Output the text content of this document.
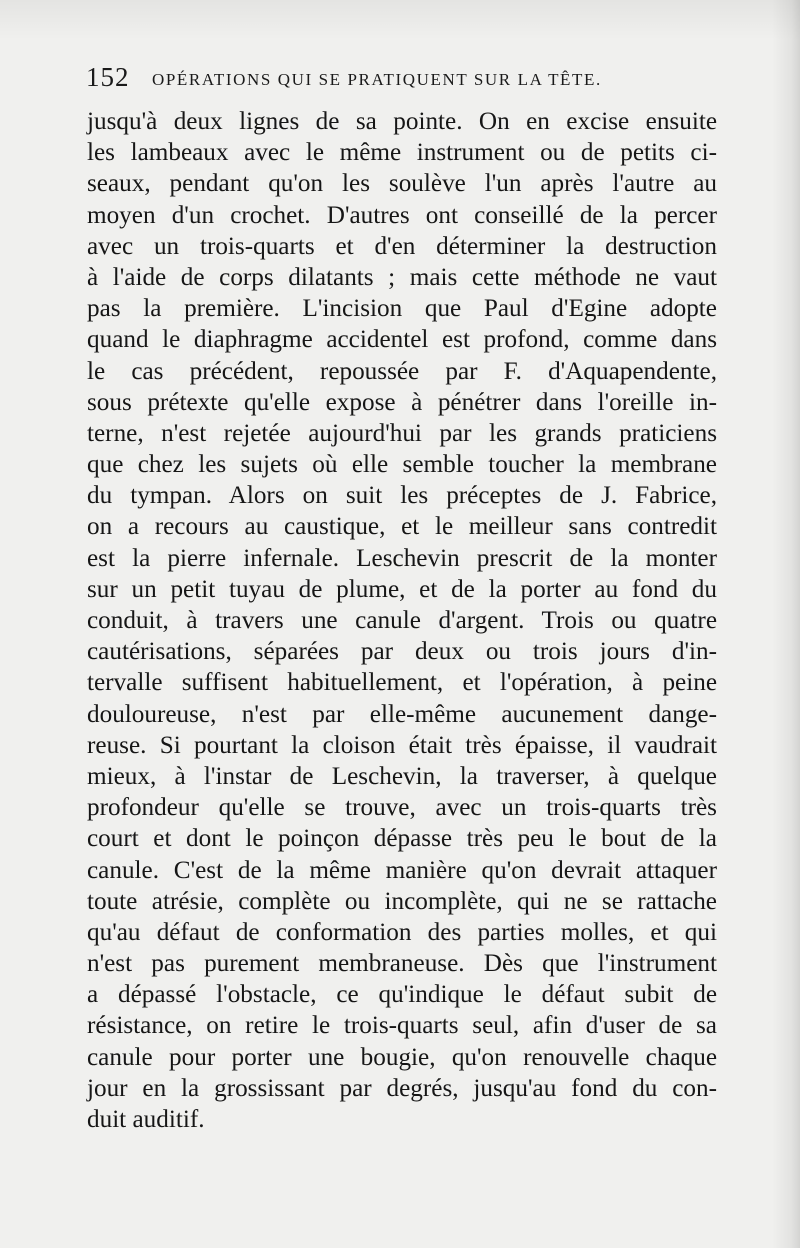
152 OPÉRATIONS QUI SE PRATIQUENT SUR LA TÊTE.
jusqu'à deux lignes de sa pointe. On en excise ensuite
les lambeaux avec le même instrument ou de petits ci-
seaux, pendant qu'on les soulève l'un après l'autre au
moyen d'un crochet. D'autres ont conseillé de la percer
avec un trois-quarts et d'en déterminer la destruction
à l'aide de corps dilatants ; mais cette méthode ne vaut
pas la première. L'incision que Paul d'Egine adopte
quand le diaphragme accidentel est profond, comme dans
le cas précédent, repoussée par F. d'Aquapendente,
sous prétexte qu'elle expose à pénétrer dans l'oreille in-
terne, n'est rejetée aujourd'hui par les grands praticiens
que chez les sujets où elle semble toucher la membrane
du tympan. Alors on suit les préceptes de J. Fabrice,
on a recours au caustique, et le meilleur sans contredit
est la pierre infernale. Leschevin prescrit de la monter
sur un petit tuyau de plume, et de la porter au fond du
conduit, à travers une canule d'argent. Trois ou quatre
cautérisations, séparées par deux ou trois jours d'in-
tervalle suffisent habituellement, et l'opération, à peine
douloureuse, n'est par elle-même aucunement dange-
reuse. Si pourtant la cloison était très épaisse, il vaudrait
mieux, à l'instar de Leschevin, la traverser, à quelque
profondeur qu'elle se trouve, avec un trois-quarts très
court et dont le poinçon dépasse très peu le bout de la
canule. C'est de la même manière qu'on devrait attaquer
toute atrésie, complète ou incomplète, qui ne se rattache
qu'au défaut de conformation des parties molles, et qui
n'est pas purement membraneuse. Dès que l'instrument
a dépassé l'obstacle, ce qu'indique le défaut subit de
résistance, on retire le trois-quarts seul, afin d'user de sa
canule pour porter une bougie, qu'on renouvelle chaque
jour en la grossissant par degrés, jusqu'au fond du con-
duit auditif.
